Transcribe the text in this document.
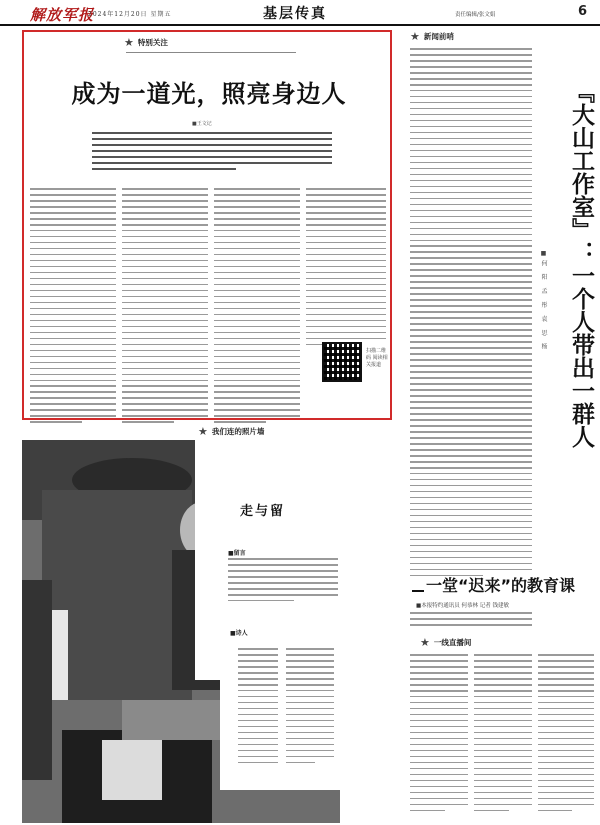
解放军报
2024年12月20日 星期五	基层传真	责任编辑/张文娟	6
★ 特别关注
成为一道光，照亮身边人
■王文记
扫描二维码 阅读相关报道
★ 新闻前哨
『大山工作室』：一个人带出一群人
■何 阳 孟 彤 袁 思 杨
一堂“迟来”的教育课
■本报特约通讯员 何恭林 记者 钱建敏
★ 一线直播间
★ 我们连的照片墙
走与留
■留言
■诗人
